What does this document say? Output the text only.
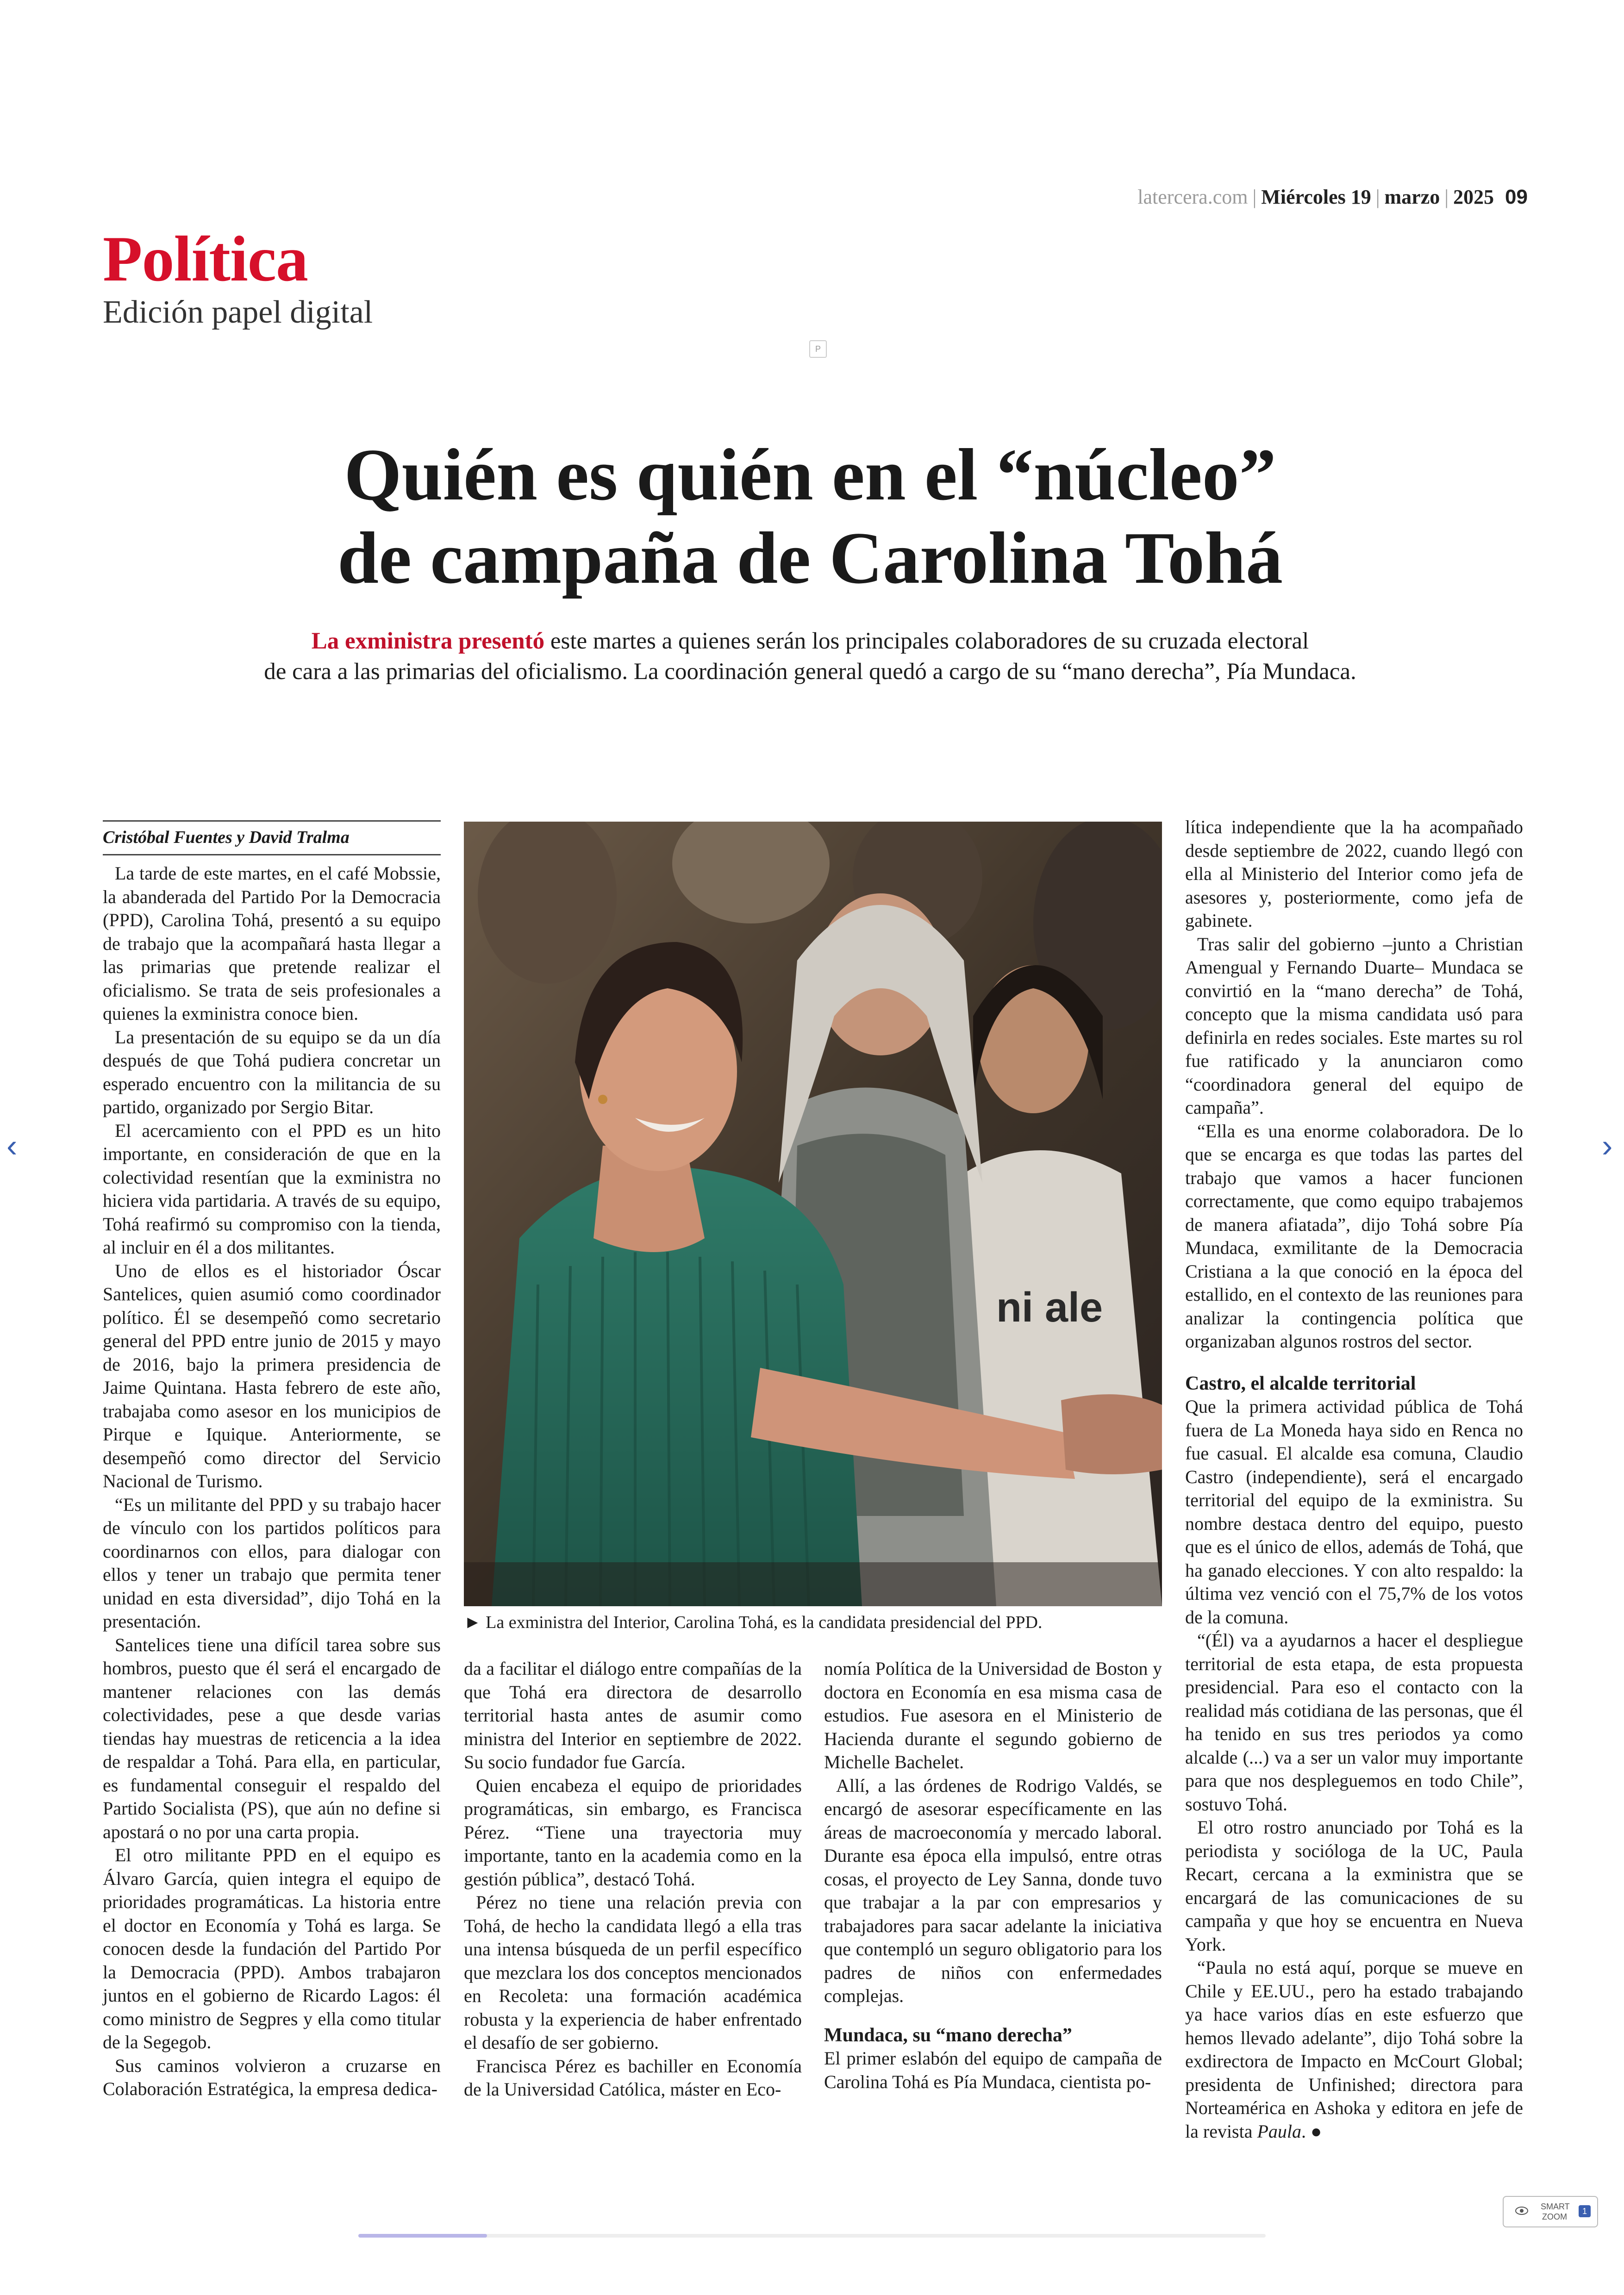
latercera.com | Miércoles 19 | marzo | 2025 09
Política
Edición papel digital
P
Quién es quién en el “núcleo”
de campaña de Carolina Tohá

La exministra presentó este martes a quienes serán los principales colaboradores de su cruzada electoral
de cara a las primarias del oficialismo. La coordinación general quedó a cargo de su “mano derecha”, Pía Mundaca.

Cristóbal Fuentes y David Tralma

La tarde de este martes, en el café Mobssie, la abanderada del Partido Por la Democracia (PPD), Carolina Tohá, presentó a su equipo de trabajo que la acompañará hasta llegar a las primarias que pretende realizar el oficialismo. Se trata de seis profesionales a quienes la exministra conoce bien.

La presentación de su equipo se da un día después de que Tohá pudiera concretar un esperado encuentro con la militancia de su partido, organizado por Sergio Bitar.

El acercamiento con el PPD es un hito importante, en consideración de que en la colectividad resentían que la exministra no hiciera vida partidaria. A través de su equipo, Tohá reafirmó su compromiso con la tienda, al incluir en él a dos militantes.

Uno de ellos es el historiador Óscar Santelices, quien asumió como coordinador político. Él se desempeñó como secretario general del PPD entre junio de 2015 y mayo de 2016, bajo la primera presidencia de Jaime Quintana. Hasta febrero de este año, trabajaba como asesor en los municipios de Pirque e Iquique. Anteriormente, se desempeñó como director del Servicio Nacional de Turismo.

“Es un militante del PPD y su trabajo hacer de vínculo con los partidos políticos para coordinarnos con ellos, para dialogar con ellos y tener un trabajo que permita tener unidad en esta diversidad”, dijo Tohá en la presentación.

Santelices tiene una difícil tarea sobre sus hombros, puesto que él será el encargado de mantener relaciones con las demás colectividades, pese a que desde varias tiendas hay muestras de reticencia a la idea de respaldar a Tohá. Para ella, en particular, es fundamental conseguir el respaldo del Partido Socialista (PS), que aún no define si apostará o no por una carta propia.

El otro militante PPD en el equipo es Álvaro García, quien integra el equipo de prioridades programáticas. La historia entre el doctor en Economía y Tohá es larga. Se conocen desde la fundación del Partido Por la Democracia (PPD). Ambos trabajaron juntos en el gobierno de Ricardo Lagos: él como ministro de Segpres y ella como titular de la Segegob.

Sus caminos volvieron a cruzarse en Colaboración Estratégica, la empresa dedica-

ni ale
► La exministra del Interior, Carolina Tohá, es la candidata presidencial del PPD.

da a facilitar el diálogo entre compañías de la que Tohá era directora de desarrollo territorial hasta antes de asumir como ministra del Interior en septiembre de 2022. Su socio fundador fue García.

Quien encabeza el equipo de prioridades programáticas, sin embargo, es Francisca Pérez. “Tiene una trayectoria muy importante, tanto en la academia como en la gestión pública”, destacó Tohá.

Pérez no tiene una relación previa con Tohá, de hecho la candidata llegó a ella tras una intensa búsqueda de un perfil específico que mezclara los dos conceptos mencionados en Recoleta: una formación académica robusta y la experiencia de haber enfrentado el desafío de ser gobierno.

Francisca Pérez es bachiller en Economía de la Universidad Católica, máster en Eco-

nomía Política de la Universidad de Boston y doctora en Economía en esa misma casa de estudios. Fue asesora en el Ministerio de Hacienda durante el segundo gobierno de Michelle Bachelet.

Allí, a las órdenes de Rodrigo Valdés, se encargó de asesorar específicamente en las áreas de macroeconomía y mercado laboral. Durante esa época ella impulsó, entre otras cosas, el proyecto de Ley Sanna, donde tuvo que trabajar a la par con empresarios y trabajadores para sacar adelante la iniciativa que contempló un seguro obligatorio para los padres de niños con enfermedades complejas.

Mundaca, su “mano derecha”

El primer eslabón del equipo de campaña de Carolina Tohá es Pía Mundaca, cientista po-

lítica independiente que la ha acompañado desde septiembre de 2022, cuando llegó con ella al Ministerio del Interior como jefa de asesores y, posteriormente, como jefa de gabinete.

Tras salir del gobierno –junto a Christian Amengual y Fernando Duarte– Mundaca se convirtió en la “mano derecha” de Tohá, concepto que la misma candidata usó para definirla en redes sociales. Este martes su rol fue ratificado y la anunciaron como “coordinadora general del equipo de campaña”.

“Ella es una enorme colaboradora. De lo que se encarga es que todas las partes del trabajo que vamos a hacer funcionen correctamente, que como equipo trabajemos de manera afiatada”, dijo Tohá sobre Pía Mundaca, exmilitante de la Democracia Cristiana a la que conoció en la época del estallido, en el contexto de las reuniones para analizar la contingencia política que organizaban algunos rostros del sector.

Castro, el alcalde territorial

Que la primera actividad pública de Tohá fuera de La Moneda haya sido en Renca no fue casual. El alcalde esa comuna, Claudio Castro (independiente), será el encargado territorial del equipo de la exministra. Su nombre destaca dentro del equipo, puesto que es el único de ellos, además de Tohá, que ha ganado elecciones. Y con alto respaldo: la última vez venció con el 75,7% de los votos de la comuna.

“(Él) va a ayudarnos a hacer el despliegue territorial de esta etapa, de esta propuesta presidencial. Para eso el contacto con la realidad más cotidiana de las personas, que él ha tenido en sus tres periodos ya como alcalde (...) va a ser un valor muy importante para que nos despleguemos en todo Chile”, sostuvo Tohá.

El otro rostro anunciado por Tohá es la periodista y socióloga de la UC, Paula Recart, cercana a la exministra que se encargará de las comunicaciones de su campaña y que hoy se encuentra en Nueva York.

“Paula no está aquí, porque se mueve en Chile y EE.UU., pero ha estado trabajando ya hace varios días en este esfuerzo que hemos llevado adelante”, dijo Tohá sobre la exdirectora de Impacto en McCourt Global; presidenta de Unfinished; directora para Norteamérica en Ashoka y editora en jefe de la revista Paula. ●

‹	›
SMART
ZOOM
1
